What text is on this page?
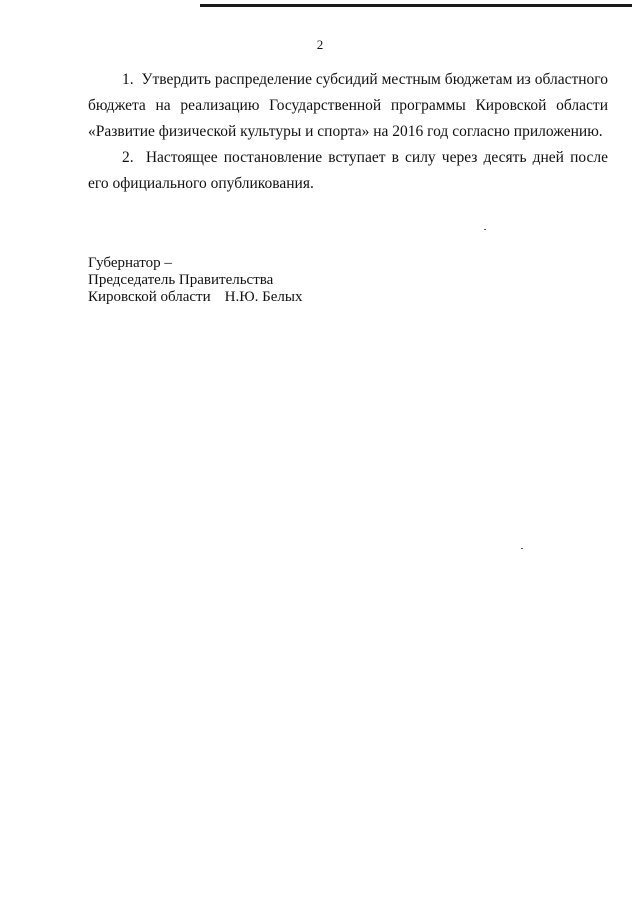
2
1. Утвердить распределение субсидий местным бюджетам из областного бюджета на реализацию Государственной программы Кировской области «Развитие физической культуры и спорта» на 2016 год согласно приложению.
2. Настоящее постановление вступает в силу через десять дней после его официального опубликования.
Губернатор –
Председатель Правительства
Кировской области Н.Ю. Белых
